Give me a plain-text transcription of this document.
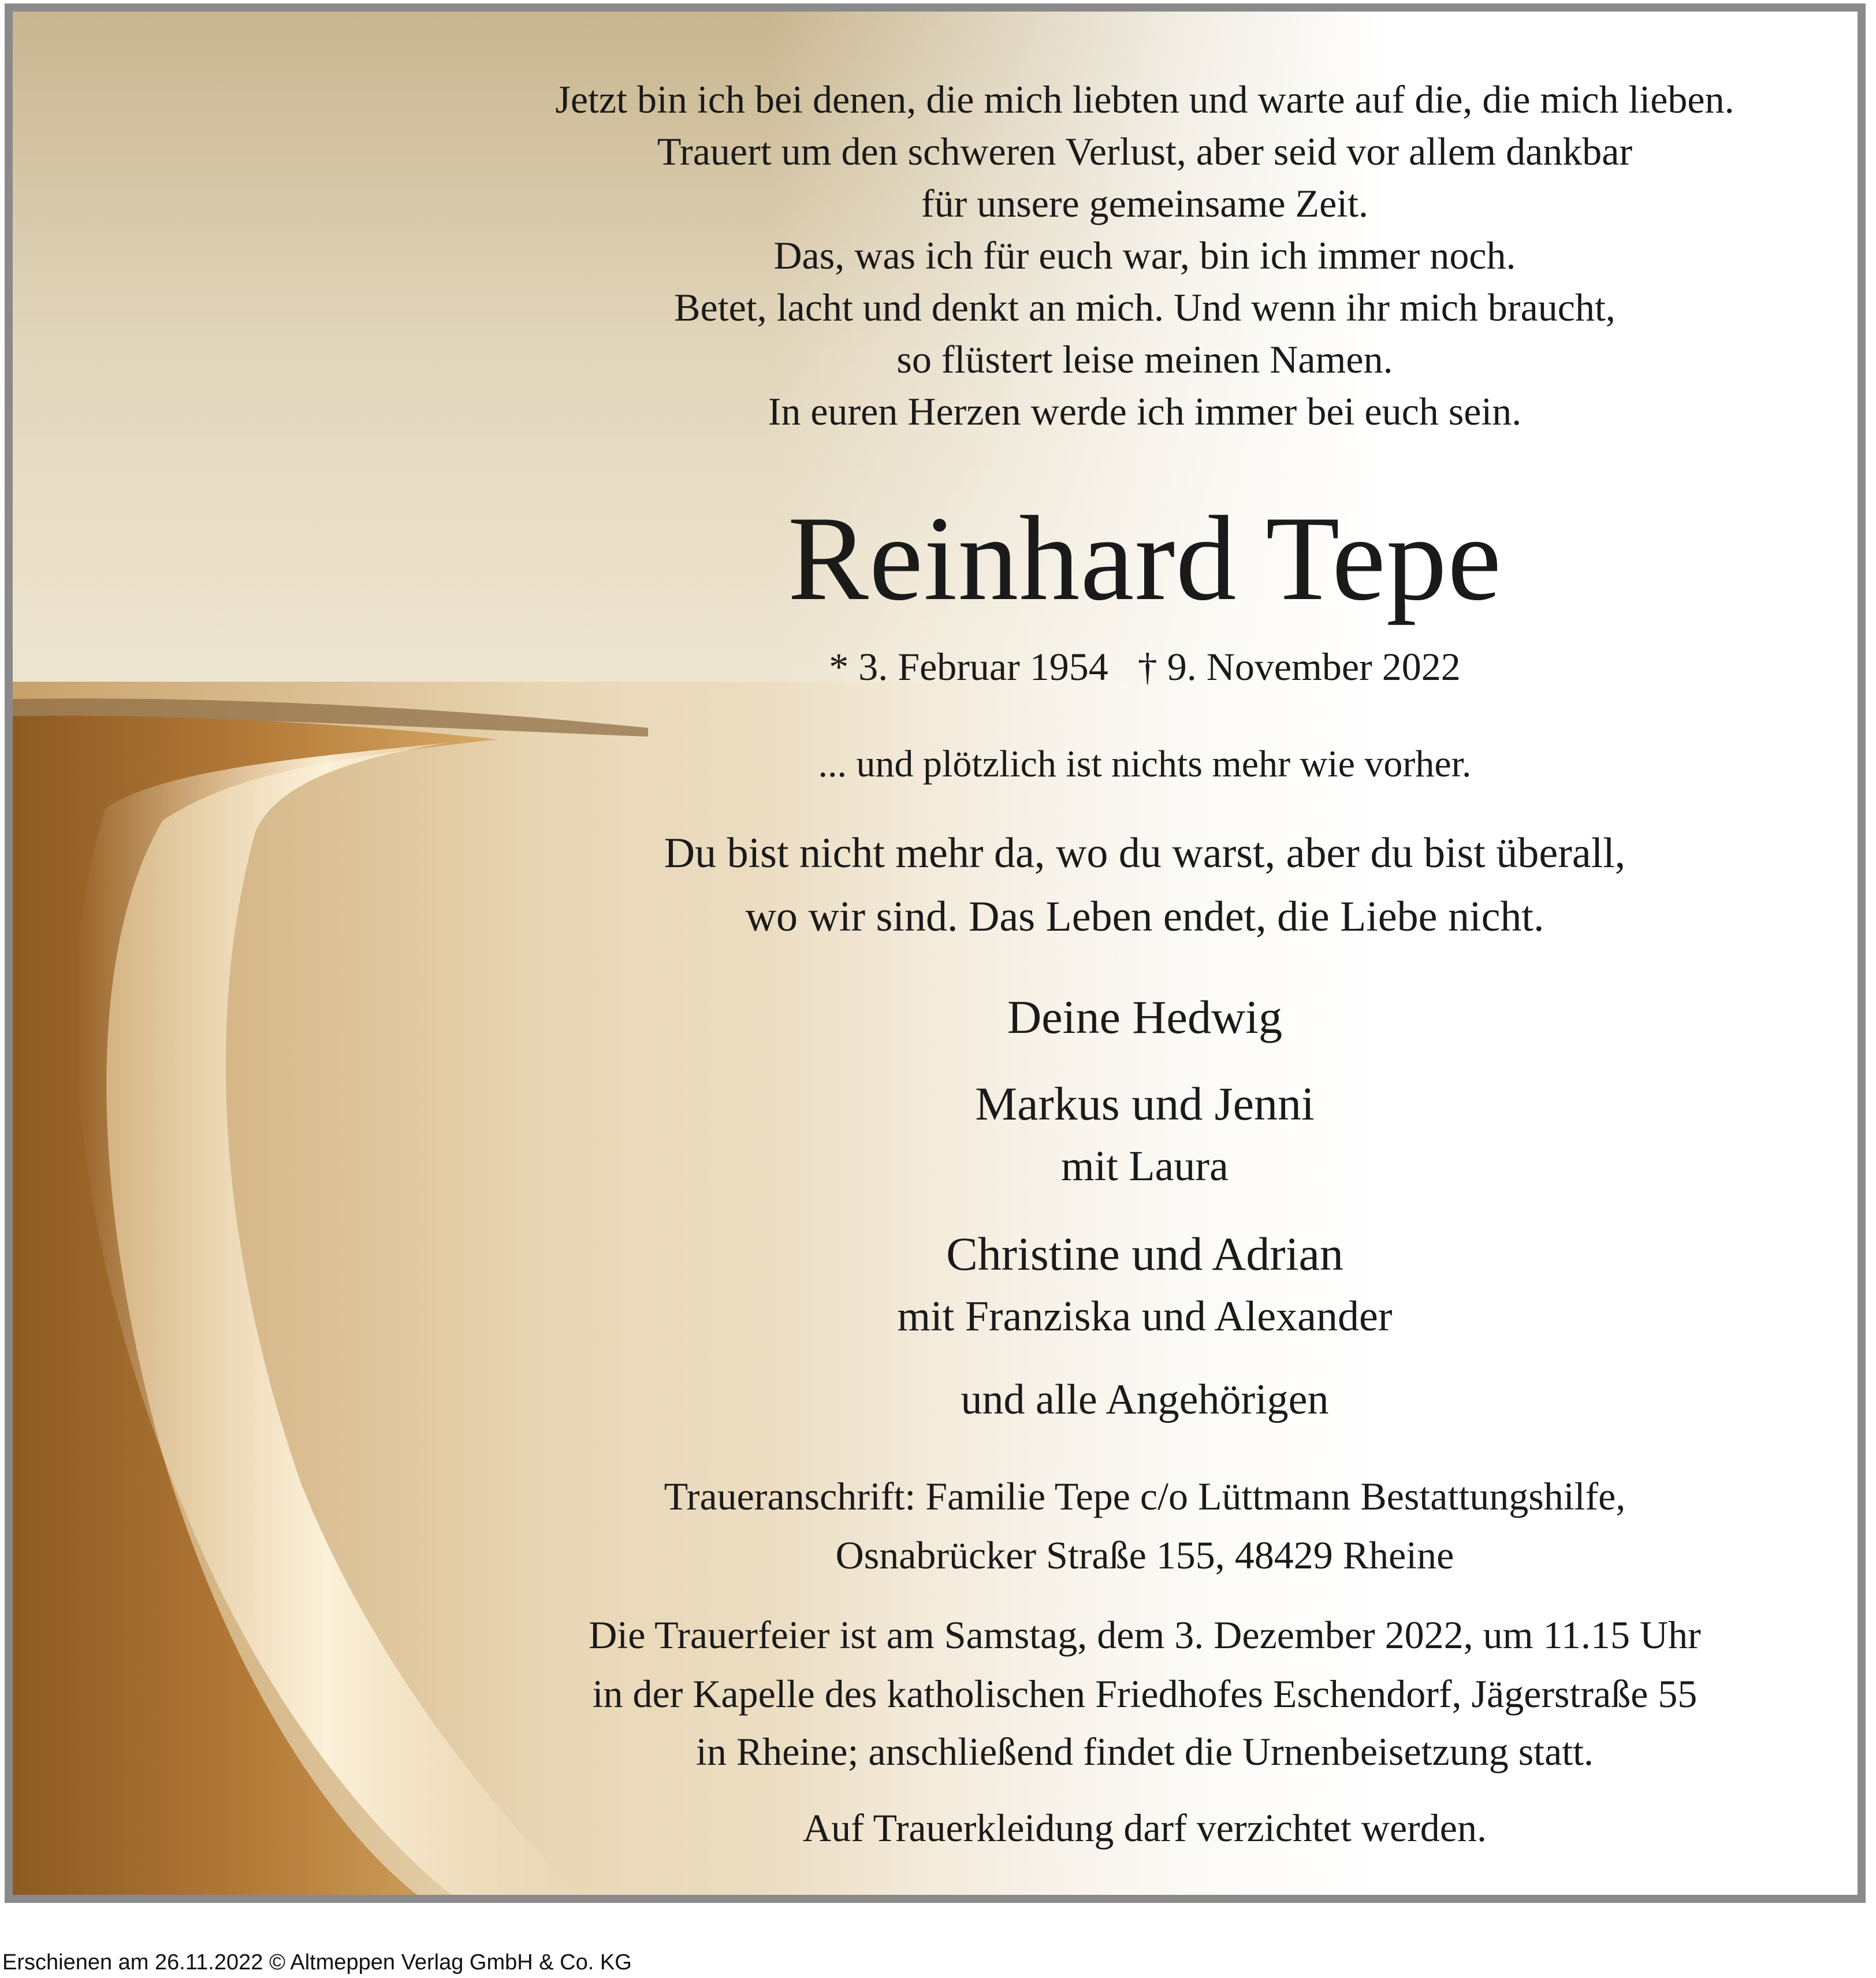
Jetzt bin ich bei denen, die mich liebten und warte auf die, die mich lieben.
Trauert um den schweren Verlust, aber seid vor allem dankbar
für unsere gemeinsame Zeit.
Das, was ich für euch war, bin ich immer noch.
Betet, lacht und denkt an mich. Und wenn ihr mich braucht,
so flüstert leise meinen Namen.
In euren Herzen werde ich immer bei euch sein.
Reinhard Tepe
* 3. Februar 1954   † 9. November 2022
... und plötzlich ist nichts mehr wie vorher.
Du bist nicht mehr da, wo du warst, aber du bist überall,
wo wir sind. Das Leben endet, die Liebe nicht.
Deine Hedwig
Markus und Jenni
mit Laura
Christine und Adrian
mit Franziska und Alexander
und alle Angehörigen
Traueranschrift: Familie Tepe c/o Lüttmann Bestattungshilfe,
Osnabrücker Straße 155, 48429 Rheine
Die Trauerfeier ist am Samstag, dem 3. Dezember 2022, um 11.15 Uhr
in der Kapelle des katholischen Friedhofes Eschendorf, Jägerstraße 55
in Rheine; anschließend findet die Urnenbeisetzung statt.
Auf Trauerkleidung darf verzichtet werden.
Erschienen am 26.11.2022 © Altmeppen Verlag GmbH & Co. KG
